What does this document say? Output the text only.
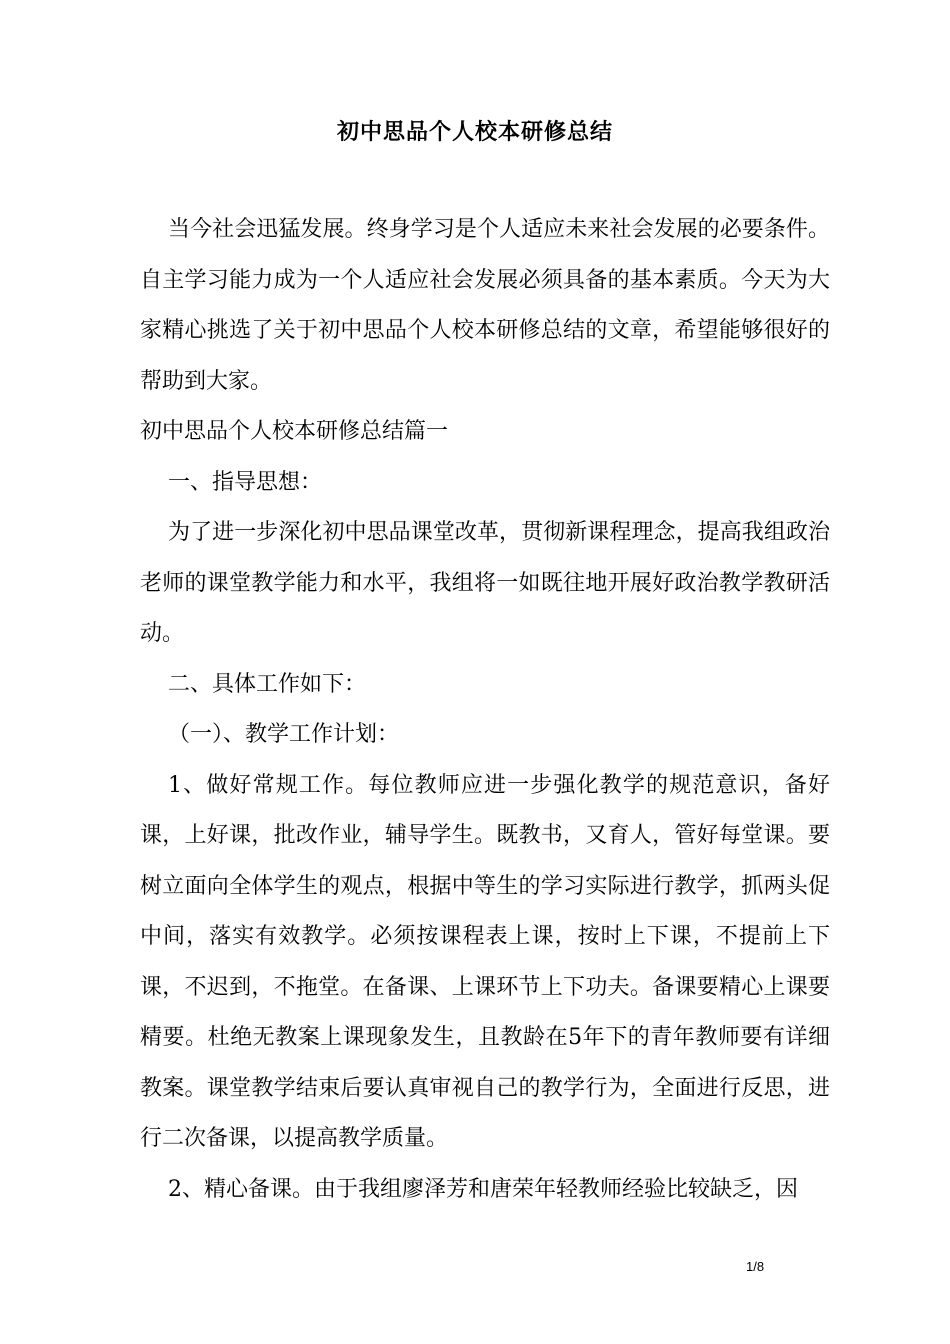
初中思品个人校本研修总结

当今社会迅猛发展。终身学习是个人适应未来社会发展的必要条件。自主学习能力成为一个人适应社会发展必须具备的基本素质。今天为大家精心挑选了关于初中思品个人校本研修总结的文章，希望能够很好的帮助到大家。

初中思品个人校本研修总结篇一

一、指导思想：

为了进一步深化初中思品课堂改革，贯彻新课程理念，提高我组政治老师的课堂教学能力和水平，我组将一如既往地开展好政治教学教研活动。

二、具体工作如下：

（一）、教学工作计划：

1、做好常规工作。每位教师应进一步强化教学的规范意识，备好课，上好课，批改作业，辅导学生。既教书，又育人，管好每堂课。要树立面向全体学生的观点，根据中等生的学习实际进行教学，抓两头促中间，落实有效教学。必须按课程表上课，按时上下课，不提前上下课，不迟到，不拖堂。在备课、上课环节上下功夫。备课要精心上课要精要。杜绝无教案上课现象发生，且教龄在5年下的青年教师要有详细教案。课堂教学结束后要认真审视自己的教学行为，全面进行反思，进行二次备课，以提高教学质量。

2、精心备课。由于我组廖泽芳和唐荣年轻教师经验比较缺乏，因

1/8
